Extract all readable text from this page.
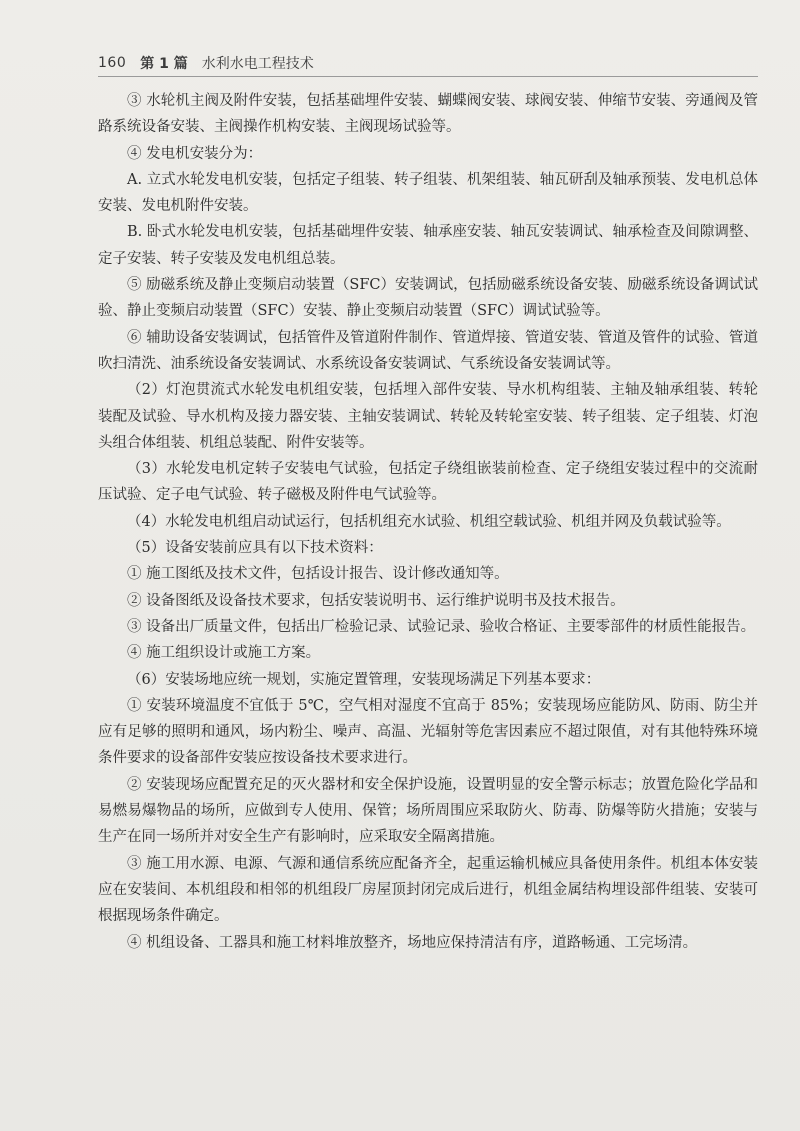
160 第 1 篇 水利水电工程技术

③ 水轮机主阀及附件安装，包括基础埋件安装、蝴蝶阀安装、球阀安装、伸缩节安装、旁通阀及管路系统设备安装、主阀操作机构安装、主阀现场试验等。

④ 发电机安装分为：

A. 立式水轮发电机安装，包括定子组装、转子组装、机架组装、轴瓦研刮及轴承预装、发电机总体安装、发电机附件安装。

B. 卧式水轮发电机安装，包括基础埋件安装、轴承座安装、轴瓦安装调试、轴承检查及间隙调整、定子安装、转子安装及发电机组总装。

⑤ 励磁系统及静止变频启动装置（SFC）安装调试，包括励磁系统设备安装、励磁系统设备调试试验、静止变频启动装置（SFC）安装、静止变频启动装置（SFC）调试试验等。

⑥ 辅助设备安装调试，包括管件及管道附件制作、管道焊接、管道安装、管道及管件的试验、管道吹扫清洗、油系统设备安装调试、水系统设备安装调试、气系统设备安装调试等。

（2）灯泡贯流式水轮发电机组安装，包括埋入部件安装、导水机构组装、主轴及轴承组装、转轮装配及试验、导水机构及接力器安装、主轴安装调试、转轮及转轮室安装、转子组装、定子组装、灯泡头组合体组装、机组总装配、附件安装等。

（3）水轮发电机定转子安装电气试验，包括定子绕组嵌装前检查、定子绕组安装过程中的交流耐压试验、定子电气试验、转子磁极及附件电气试验等。

（4）水轮发电机组启动试运行，包括机组充水试验、机组空载试验、机组并网及负载试验等。

（5）设备安装前应具有以下技术资料：

① 施工图纸及技术文件，包括设计报告、设计修改通知等。

② 设备图纸及设备技术要求，包括安装说明书、运行维护说明书及技术报告。

③ 设备出厂质量文件，包括出厂检验记录、试验记录、验收合格证、主要零部件的材质性能报告。

④ 施工组织设计或施工方案。

（6）安装场地应统一规划，实施定置管理，安装现场满足下列基本要求：

① 安装环境温度不宜低于 5℃，空气相对湿度不宜高于 85%；安装现场应能防风、防雨、防尘并应有足够的照明和通风，场内粉尘、噪声、高温、光辐射等危害因素应不超过限值，对有其他特殊环境条件要求的设备部件安装应按设备技术要求进行。

② 安装现场应配置充足的灭火器材和安全保护设施，设置明显的安全警示标志；放置危险化学品和易燃易爆物品的场所，应做到专人使用、保管；场所周围应采取防火、防毒、防爆等防火措施；安装与生产在同一场所并对安全生产有影响时，应采取安全隔离措施。

③ 施工用水源、电源、气源和通信系统应配备齐全，起重运输机械应具备使用条件。机组本体安装应在安装间、本机组段和相邻的机组段厂房屋顶封闭完成后进行，机组金属结构埋设部件组装、安装可根据现场条件确定。

④ 机组设备、工器具和施工材料堆放整齐，场地应保持清洁有序，道路畅通、工完场清。
